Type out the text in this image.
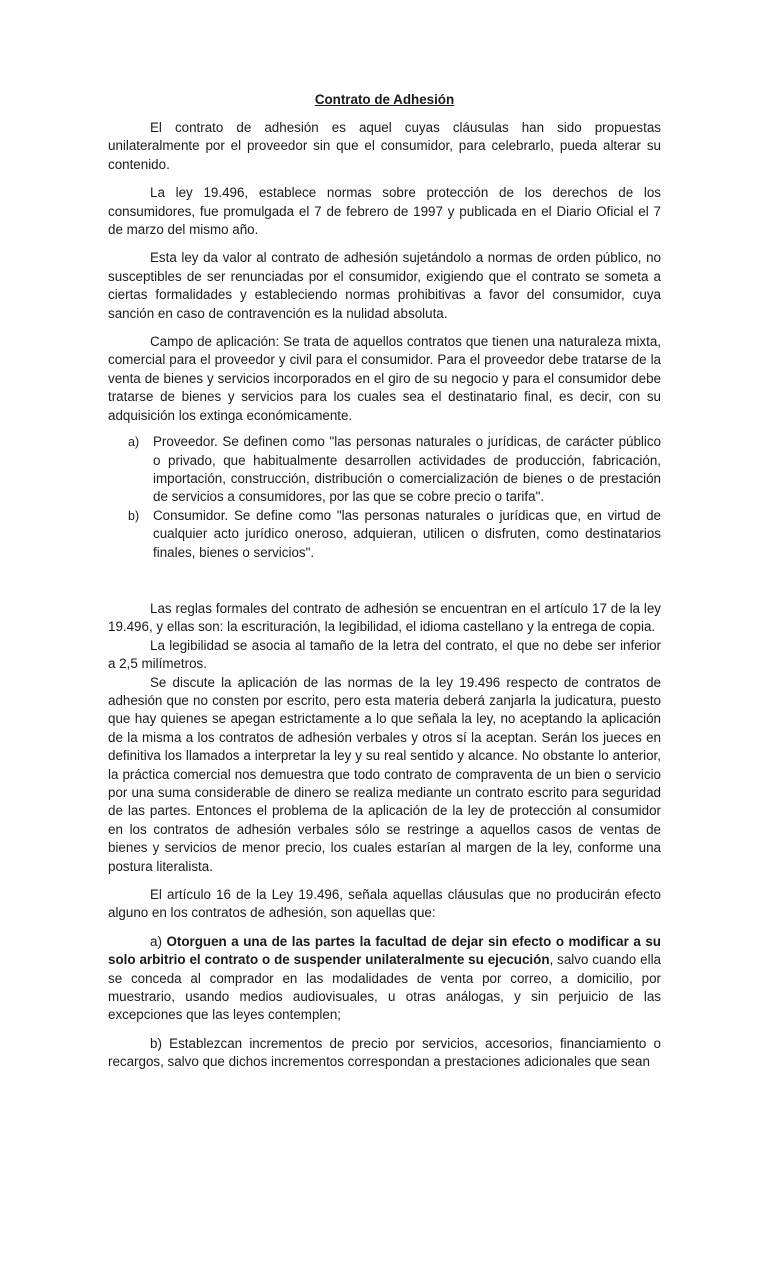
Contrato de Adhesión

El contrato de adhesión es aquel cuyas cláusulas han sido propuestas unilateralmente por el proveedor sin que el consumidor, para celebrarlo, pueda alterar su contenido.

La ley 19.496, establece normas sobre protección de los derechos de los consumidores, fue promulgada el 7 de febrero de 1997 y publicada en el Diario Oficial el 7 de marzo del mismo año.

Esta ley da valor al contrato de adhesión sujetándolo a normas de orden público, no susceptibles de ser renunciadas por el consumidor, exigiendo que el contrato se someta a ciertas formalidades y estableciendo normas prohibitivas a favor del consumidor, cuya sanción en caso de contravención es la nulidad absoluta.

Campo de aplicación: Se trata de aquellos contratos que tienen una naturaleza mixta, comercial para el proveedor y civil para el consumidor. Para el proveedor debe tratarse de la venta de bienes y servicios incorporados en el giro de su negocio y para el consumidor debe tratarse de bienes y servicios para los cuales sea el destinatario final, es decir, con su adquisición los extinga económicamente.

a) Proveedor. Se definen como "las personas naturales o jurídicas, de carácter público o privado, que habitualmente desarrollen actividades de producción, fabricación, importación, construcción, distribución o comercialización de bienes o de prestación de servicios a consumidores, por las que se cobre precio o tarifa".
b) Consumidor. Se define como "las personas naturales o jurídicas que, en virtud de cualquier acto jurídico oneroso, adquieran, utilicen o disfruten, como destinatarios finales, bienes o servicios".

Las reglas formales del contrato de adhesión se encuentran en el artículo 17 de la ley 19.496, y ellas son: la escrituración, la legibilidad, el idioma castellano y la entrega de copia.

La legibilidad se asocia al tamaño de la letra del contrato, el que no debe ser inferior a 2,5 milímetros.

Se discute la aplicación de las normas de la ley 19.496 respecto de contratos de adhesión que no consten por escrito, pero esta materia deberá zanjarla la judicatura, puesto que hay quienes se apegan estrictamente a lo que señala la ley, no aceptando la aplicación de la misma a los contratos de adhesión verbales y otros sí la aceptan. Serán los jueces en definitiva los llamados a interpretar la ley y su real sentido y alcance. No obstante lo anterior, la práctica comercial nos demuestra que todo contrato de compraventa de un bien o servicio por una suma considerable de dinero se realiza mediante un contrato escrito para seguridad de las partes. Entonces el problema de la aplicación de la ley de protección al consumidor en los contratos de adhesión verbales sólo se restringe a aquellos casos de ventas de bienes y servicios de menor precio, los cuales estarían al margen de la ley, conforme una postura literalista.

El artículo 16 de la Ley 19.496, señala aquellas cláusulas que no producirán efecto alguno en los contratos de adhesión, son aquellas que:

a) Otorguen a una de las partes la facultad de dejar sin efecto o modificar a su solo arbitrio el contrato o de suspender unilateralmente su ejecución, salvo cuando ella se conceda al comprador en las modalidades de venta por correo, a domicilio, por muestrario, usando medios audiovisuales, u otras análogas, y sin perjuicio de las excepciones que las leyes contemplen;

b) Establezcan incrementos de precio por servicios, accesorios, financiamiento o recargos, salvo que dichos incrementos correspondan a prestaciones adicionales que sean
